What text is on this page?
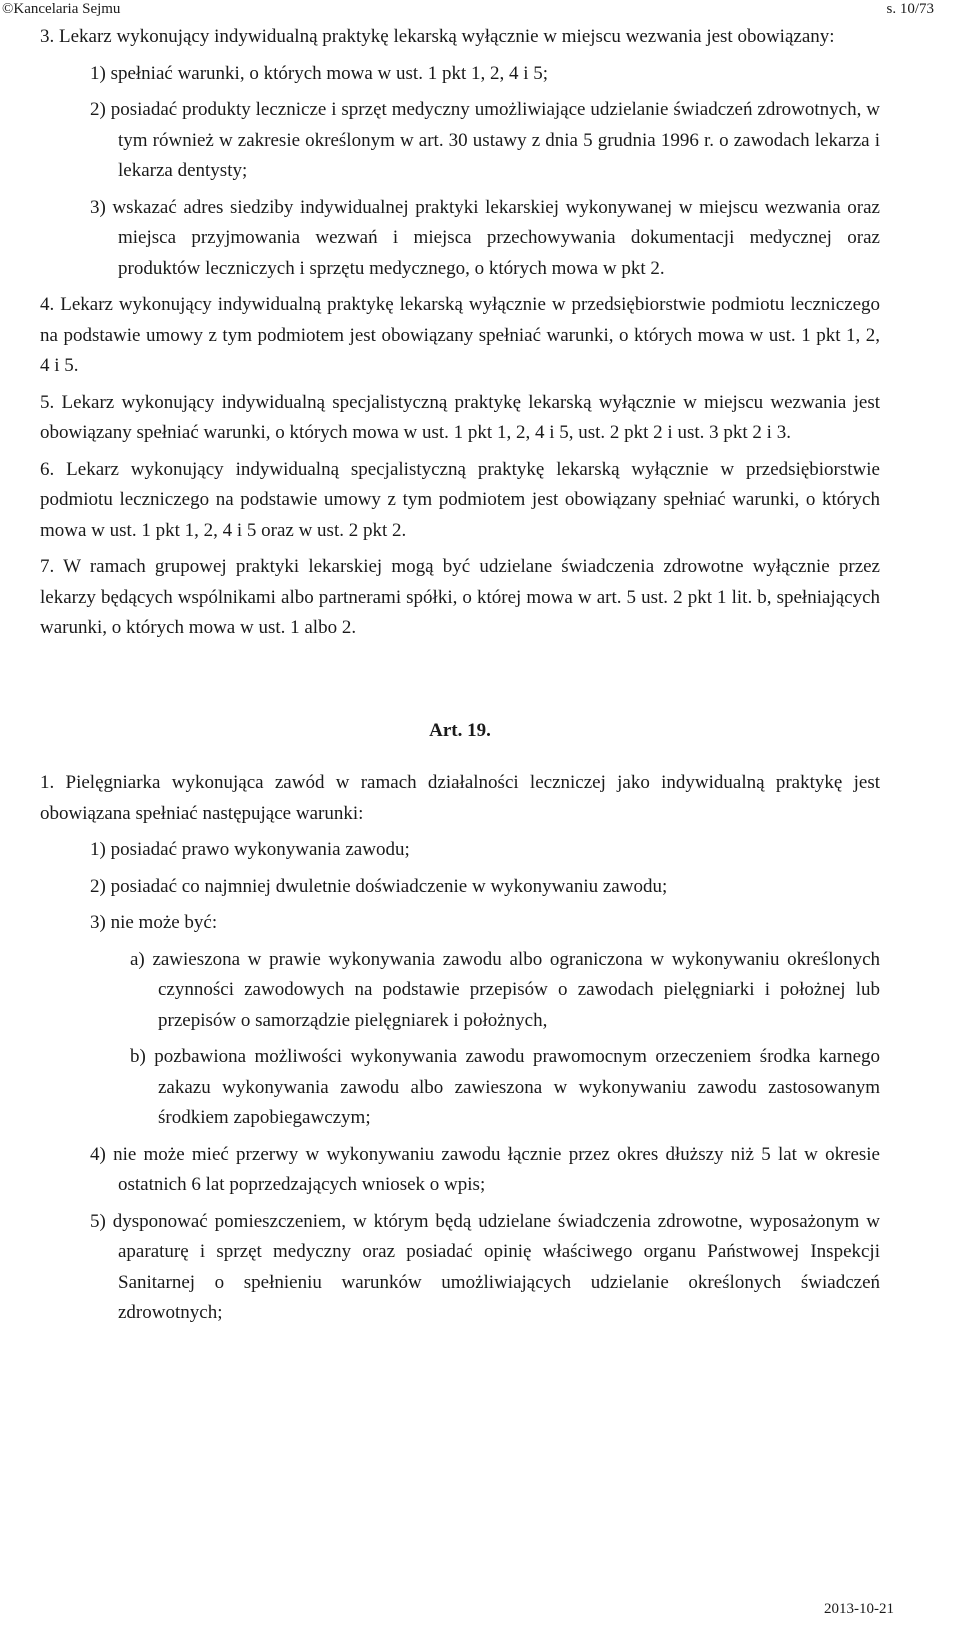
©Kancelaria Sejmu	s. 10/73
3. Lekarz wykonujący indywidualną praktykę lekarską wyłącznie w miejscu wezwania jest obowiązany:
1) spełniać warunki, o których mowa w ust. 1 pkt 1, 2, 4 i 5;
2) posiadać produkty lecznicze i sprzęt medyczny umożliwiające udzielanie świadczeń zdrowotnych, w tym również w zakresie określonym w art. 30 ustawy z dnia 5 grudnia 1996 r. o zawodach lekarza i lekarza dentysty;
3) wskazać adres siedziby indywidualnej praktyki lekarskiej wykonywanej w miejscu wezwania oraz miejsca przyjmowania wezwań i miejsca przechowywania dokumentacji medycznej oraz produktów leczniczych i sprzętu medycznego, o których mowa w pkt 2.
4. Lekarz wykonujący indywidualną praktykę lekarską wyłącznie w przedsiębiorstwie podmiotu leczniczego na podstawie umowy z tym podmiotem jest obowiązany spełniać warunki, o których mowa w ust. 1 pkt 1, 2, 4 i 5.
5. Lekarz wykonujący indywidualną specjalistyczną praktykę lekarską wyłącznie w miejscu wezwania jest obowiązany spełniać warunki, o których mowa w ust. 1 pkt 1, 2, 4 i 5, ust. 2 pkt 2 i ust. 3 pkt 2 i 3.
6. Lekarz wykonujący indywidualną specjalistyczną praktykę lekarską wyłącznie w przedsiębiorstwie podmiotu leczniczego na podstawie umowy z tym podmiotem jest obowiązany spełniać warunki, o których mowa w ust. 1 pkt 1, 2, 4 i 5 oraz w ust. 2 pkt 2.
7. W ramach grupowej praktyki lekarskiej mogą być udzielane świadczenia zdrowotne wyłącznie przez lekarzy będących wspólnikami albo partnerami spółki, o której mowa w art. 5 ust. 2 pkt 1 lit. b, spełniających warunki, o których mowa w ust. 1 albo 2.
Art. 19.
1. Pielęgniarka wykonująca zawód w ramach działalności leczniczej jako indywidualną praktykę jest obowiązana spełniać następujące warunki:
1) posiadać prawo wykonywania zawodu;
2) posiadać co najmniej dwuletnie doświadczenie w wykonywaniu zawodu;
3) nie może być:
a) zawieszona w prawie wykonywania zawodu albo ograniczona w wykonywaniu określonych czynności zawodowych na podstawie przepisów o zawodach pielęgniarki i położnej lub przepisów o samorządzie pielęgniarek i położnych,
b) pozbawiona możliwości wykonywania zawodu prawomocnym orzeczeniem środka karnego zakazu wykonywania zawodu albo zawieszona w wykonywaniu zawodu zastosowanym środkiem zapobiegawczym;
4) nie może mieć przerwy w wykonywaniu zawodu łącznie przez okres dłuższy niż 5 lat w okresie ostatnich 6 lat poprzedzających wniosek o wpis;
5) dysponować pomieszczeniem, w którym będą udzielane świadczenia zdrowotne, wyposażonym w aparaturę i sprzęt medyczny oraz posiadać opinię właściwego organu Państwowej Inspekcji Sanitarnej o spełnieniu warunków umożliwiających udzielanie określonych świadczeń zdrowotnych;
2013-10-21
